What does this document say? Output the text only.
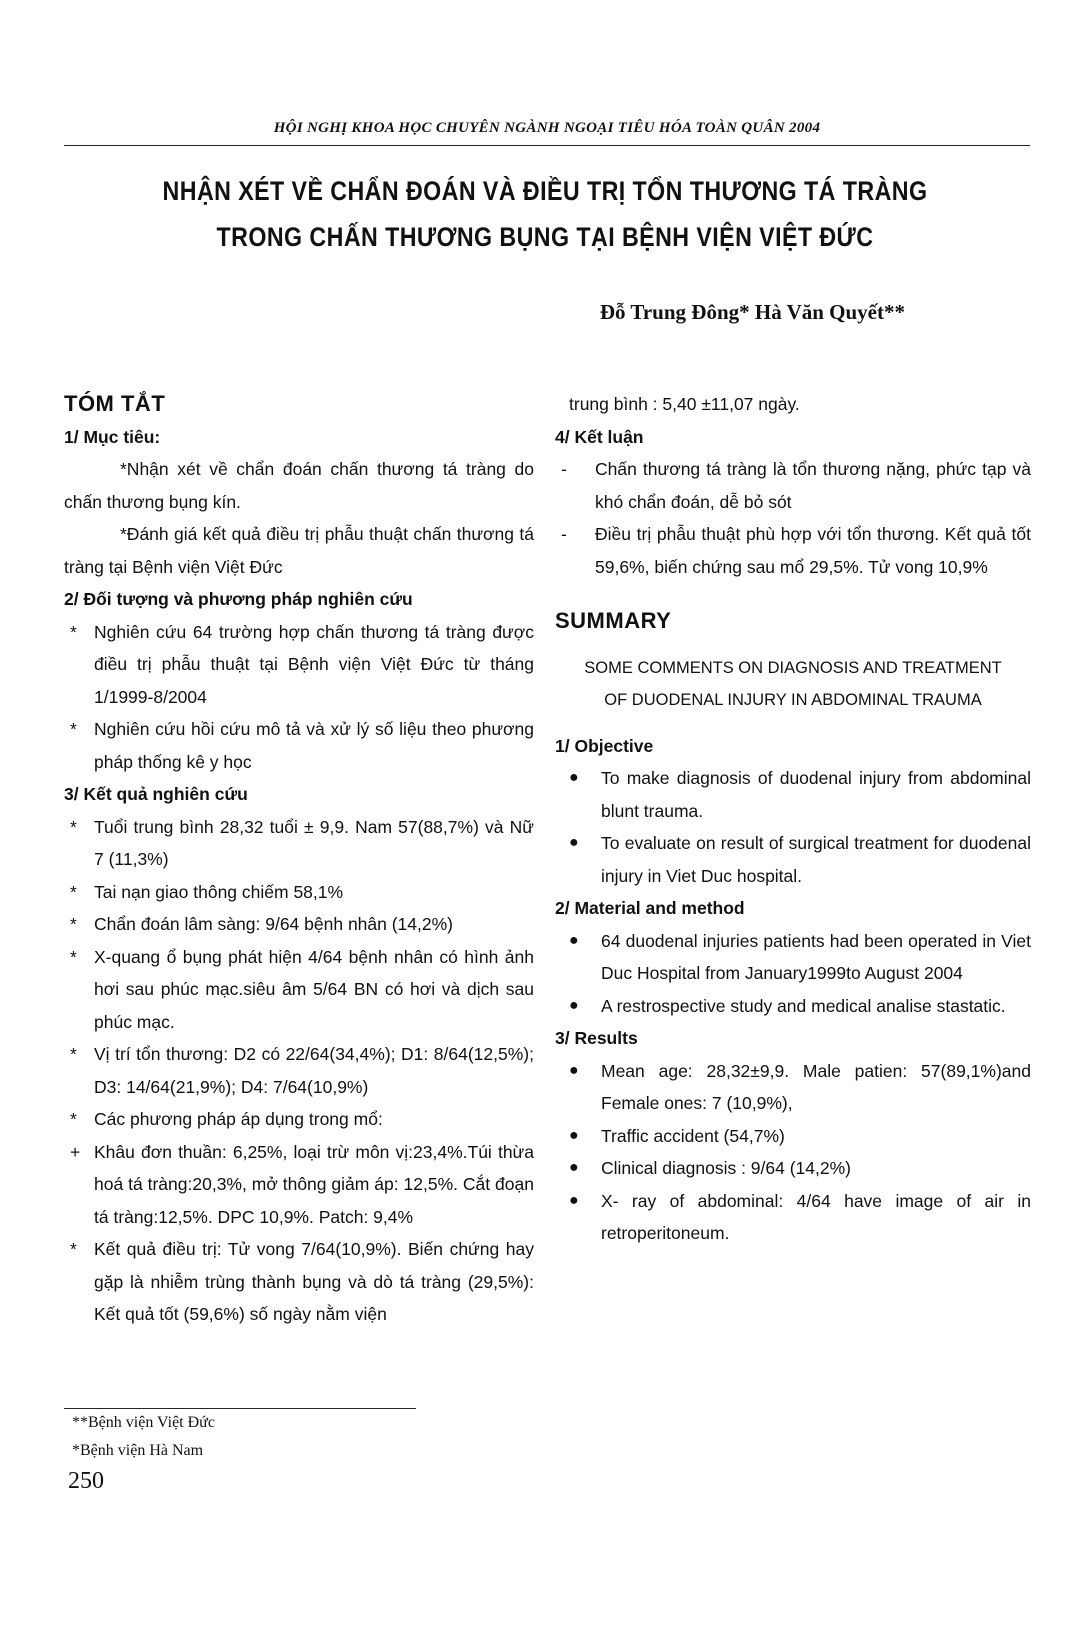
HỘI NGHỊ KHOA HỌC CHUYÊN NGÀNH NGOẠI TIÊU HÓA TOÀN QUÂN 2004
NHẬN XÉT VỀ CHẨN ĐOÁN VÀ ĐIỀU TRỊ TỔN THƯƠNG TÁ TRÀNG
TRONG CHẤN THƯƠNG BỤNG TẠI BỆNH VIỆN VIỆT ĐỨC
Đỗ Trung Đông* Hà Văn Quyết**
TÓM TẮT
1/ Mục tiêu:
*Nhận xét về chẩn đoán chấn thương tá tràng do chấn thương bụng kín.
*Đánh giá kết quả điều trị phẫu thuật chấn thương tá tràng tại Bệnh viện Việt Đức
2/ Đối tượng và phương pháp nghiên cứu
* Nghiên cứu 64 trường hợp chấn thương tá tràng được điều trị phẫu thuật tại Bệnh viện Việt Đức từ tháng 1/1999-8/2004
* Nghiên cứu hồi cứu mô tả và xử lý số liệu theo phương pháp thống kê y học
3/ Kết quả nghiên cứu
* Tuổi trung bình 28,32 tuổi ± 9,9. Nam 57(88,7%) và Nữ 7 (11,3%)
* Tai nạn giao thông chiếm 58,1%
* Chẩn đoán lâm sàng: 9/64 bệnh nhân (14,2%)
* X-quang ổ bụng phát hiện 4/64 bệnh nhân có hình ảnh hơi sau phúc mạc.siêu âm 5/64 BN có hơi và dịch sau phúc mạc.
* Vị trí tổn thương: D2 có 22/64(34,4%); D1: 8/64(12,5%); D3: 14/64(21,9%); D4: 7/64(10,9%)
* Các phương pháp áp dụng trong mổ:
+ Khâu đơn thuần: 6,25%, loại trừ môn vị:23,4%.Túi thừa hoá tá tràng:20,3%, mở thông giảm áp: 12,5%. Cắt đoạn tá tràng:12,5%. DPC 10,9%. Patch: 9,4%
* Kết quả điều trị: Tử vong 7/64(10,9%). Biến chứng hay gặp là nhiễm trùng thành bụng và dò tá tràng (29,5%): Kết quả tốt (59,6%) số ngày nằm viện
trung bình : 5,40 ±11,07 ngày.
4/ Kết luận
- Chấn thương tá tràng là tổn thương nặng, phức tạp và khó chẩn đoán, dễ bỏ sót
- Điều trị phẫu thuật phù hợp với tổn thương. Kết quả tốt 59,6%, biến chứng sau mổ 29,5%. Tử vong 10,9%
SUMMARY
SOME COMMENTS ON DIAGNOSIS AND TREATMENT
OF DUODENAL INJURY IN ABDOMINAL TRAUMA
1/ Objective
● To make diagnosis of duodenal injury from abdominal blunt trauma.
● To evaluate on result of surgical treatment for duodenal injury in Viet Duc hospital.
2/ Material and method
● 64 duodenal injuries patients had been operated in Viet Duc Hospital from January1999to August 2004
● A restrospective study and medical analise stastatic.
3/ Results
● Mean age: 28,32±9,9. Male patien: 57(89,1%)and Female ones: 7 (10,9%),
● Traffic accident (54,7%)
● Clinical diagnosis : 9/64 (14,2%)
● X- ray of abdominal: 4/64 have image of air in retroperitoneum.
**Bệnh viện Việt Đức
*Bệnh viện Hà Nam
250
